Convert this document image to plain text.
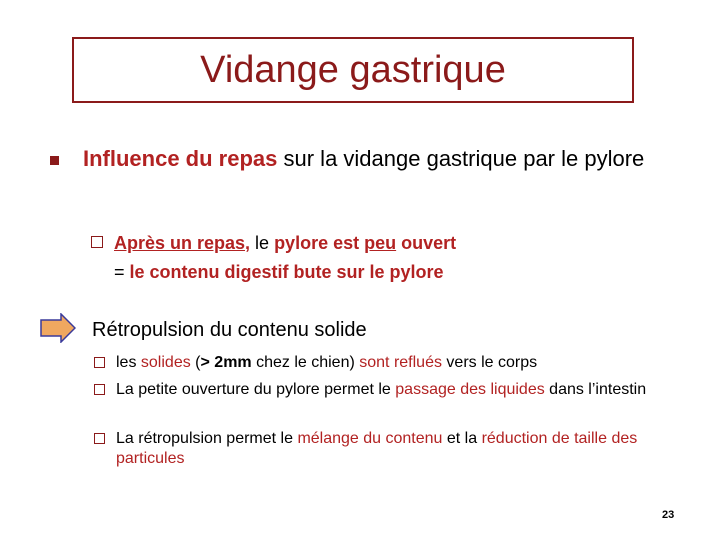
Vidange gastrique
Influence du repas sur la vidange gastrique par le pylore
Après un repas, le pylore est peu ouvert
= le contenu digestif bute sur le pylore
Rétropulsion du contenu solide
les solides (> 2mm chez le chien) sont reflués vers le corps
La petite ouverture du pylore permet le passage des liquides dans l’intestin
La rétropulsion permet le mélange du contenu et la réduction de taille des particules
23
